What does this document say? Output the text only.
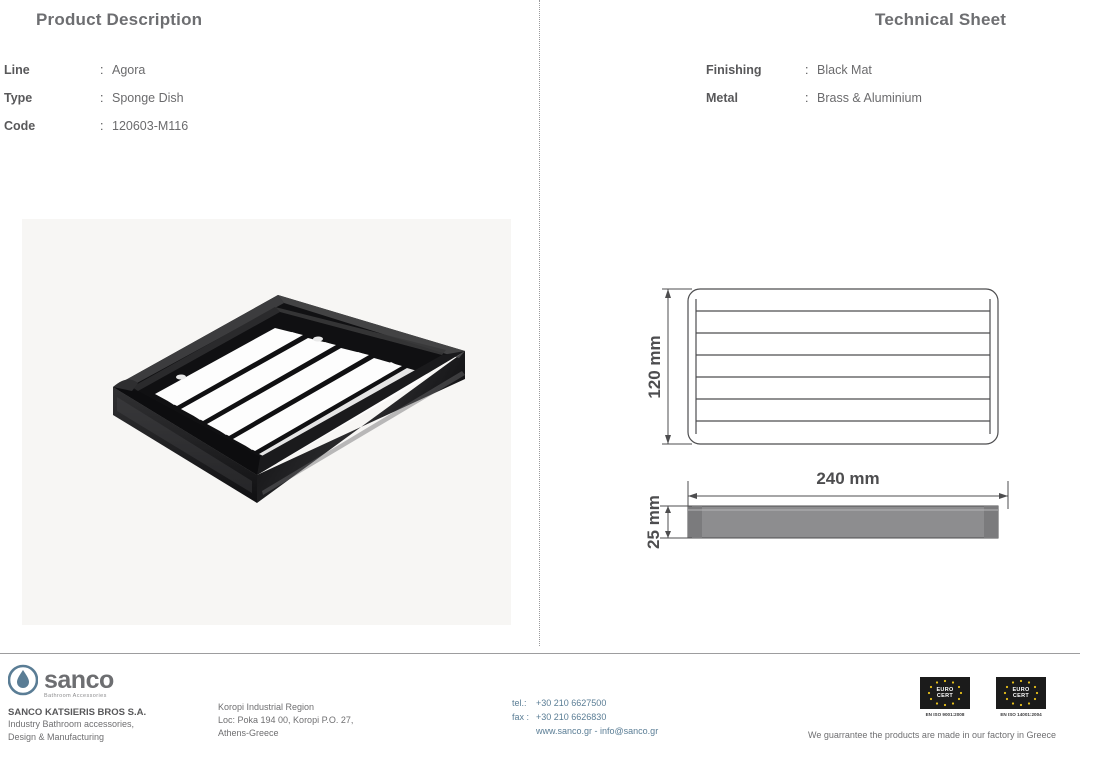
Product Description
Line	: Agora
Type	: Sponge Dish
Code	: 120603-M116
Technical Sheet
Finishing	: Black Mat
Metal	: Brass & Aluminium
120 mm
240 mm
25 mm
sanco
Bathroom Accessories
SANCO KATSIERIS BROS S.A.
Industry Bathroom accessories,
Design & Manufacturing
Koropi Industrial Region
Loc: Poka 194 00, Koropi P.O. 27,
Athens-Greece
tel.: +30 210 6627500
fax : +30 210 6626830
www.sanco.gr - info@sanco.gr
EURO
CERT
EN ISO 9001:2008
EURO
CERT
EN ISO 14001:2004
We guarrantee the products are made in our factory in Greece
